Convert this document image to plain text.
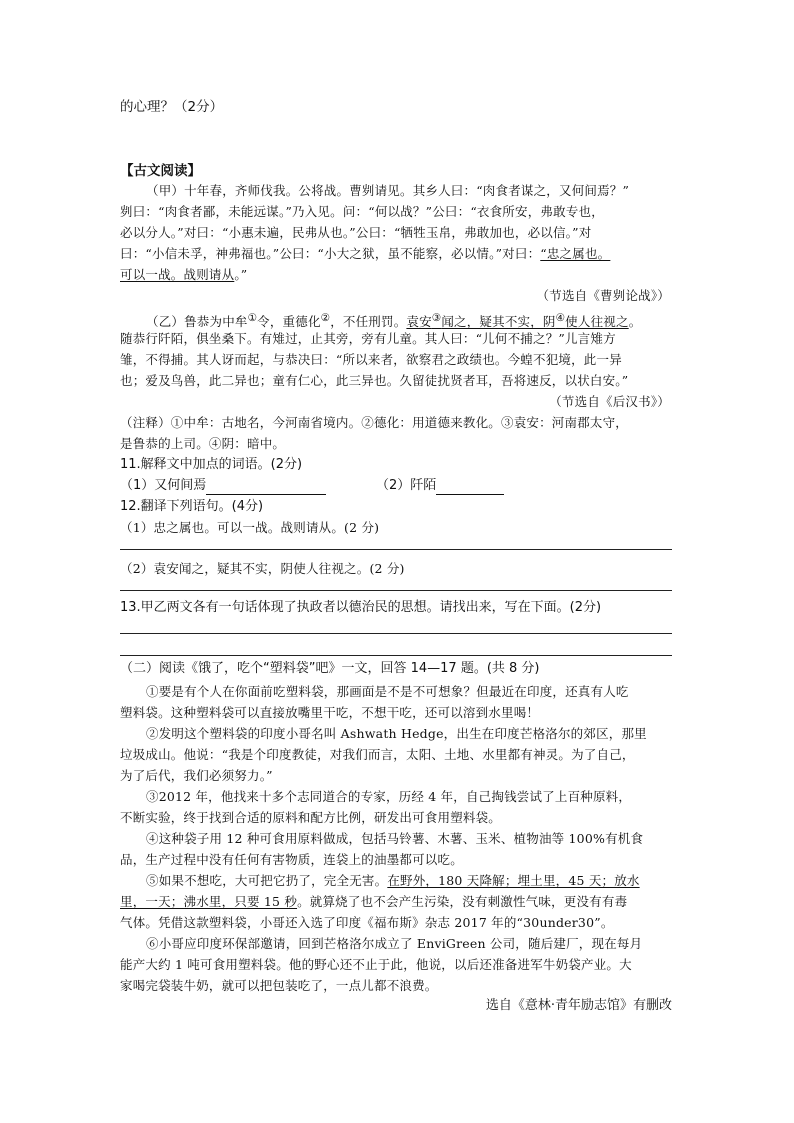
的心理？（2分）
【古文阅读】
（甲）十年春，齐师伐我。公将战。曹刿请见。其乡人曰：“肉食者谋之，又何间焉？”
刿曰：“肉食者鄙，未能远谋。”乃入见。问：“何以战？”公曰：“衣食所安，弗敢专也，
必以分人。”对曰：“小惠未遍，民弗从也。”公曰：“牺牲玉帛，弗敢加也，必以信。”对
曰：“小信未孚，神弗福也。”公曰：“小大之狱，虽不能察，必以情。”对曰：“忠之属也。
可以一战。战则请从。”
（节选自《曹刿论战》）
（乙）鲁恭为中牟①令，重德化②，不任刑罚。袁安③闻之，疑其不实，阴④使人往视之。
随恭行阡陌，俱坐桑下。有雉过，止其旁，旁有儿童。其人曰：“儿何不捕之？”儿言雉方
雏，不得捕。其人讶而起，与恭决曰：“所以来者，欲察君之政绩也。今蝗不犯境，此一异
也；爱及鸟兽，此二异也；童有仁心，此三异也。久留徒扰贤者耳，吾将速反，以状白安。”
（节选自《后汉书》）
（注释）①中牟：古地名，今河南省境内。②德化：用道德来教化。③袁安：河南郡太守，
是鲁恭的上司。④阴：暗中。
11.解释文中加点的词语。(2分)
（1）又何间焉	（2）阡陌
12.翻译下列语句。(4分)
（1）忠之属也。可以一战。战则请从。(2 分)
（2）袁安闻之，疑其不实，阴使人往视之。(2 分)
13.甲乙两文各有一句话体现了执政者以德治民的思想。请找出来，写在下面。(2分)
（二）阅读《饿了，吃个“塑料袋”吧》一文，回答 14—17 题。(共 8 分)
①要是有个人在你面前吃塑料袋，那画面是不是不可想象？但最近在印度，还真有人吃
塑料袋。这种塑料袋可以直接放嘴里干吃，不想干吃，还可以溶到水里喝！
②发明这个塑料袋的印度小哥名叫 Ashwath Hedge，出生在印度芒格洛尔的郊区，那里
垃圾成山。他说：“我是个印度教徒，对我们而言，太阳、土地、水里都有神灵。为了自己，
为了后代，我们必须努力。”
③2012 年，他找来十多个志同道合的专家，历经 4 年，自己掏钱尝试了上百种原料，
不断实验，终于找到合适的原料和配方比例，研发出可食用塑料袋。
④这种袋子用 12 种可食用原料做成，包括马铃薯、木薯、玉米、植物油等 100%有机食
品，生产过程中没有任何有害物质，连袋上的油墨都可以吃。
⑤如果不想吃，大可把它扔了，完全无害。在野外，180 天降解；埋土里，45 天；放水
里，一天；沸水里，只要 15 秒。就算烧了也不会产生污染，没有刺激性气味，更没有有毒
气体。凭借这款塑料袋，小哥还入选了印度《福布斯》杂志 2017 年的“30under30”。
⑥小哥应印度环保部邀请，回到芒格洛尔成立了 EnviGreen 公司，随后建厂，现在每月
能产大约 1 吨可食用塑料袋。他的野心还不止于此，他说，以后还准备进军牛奶袋产业。大
家喝完袋装牛奶，就可以把包装吃了，一点儿都不浪费。
选自《意林·青年励志馆》有删改
